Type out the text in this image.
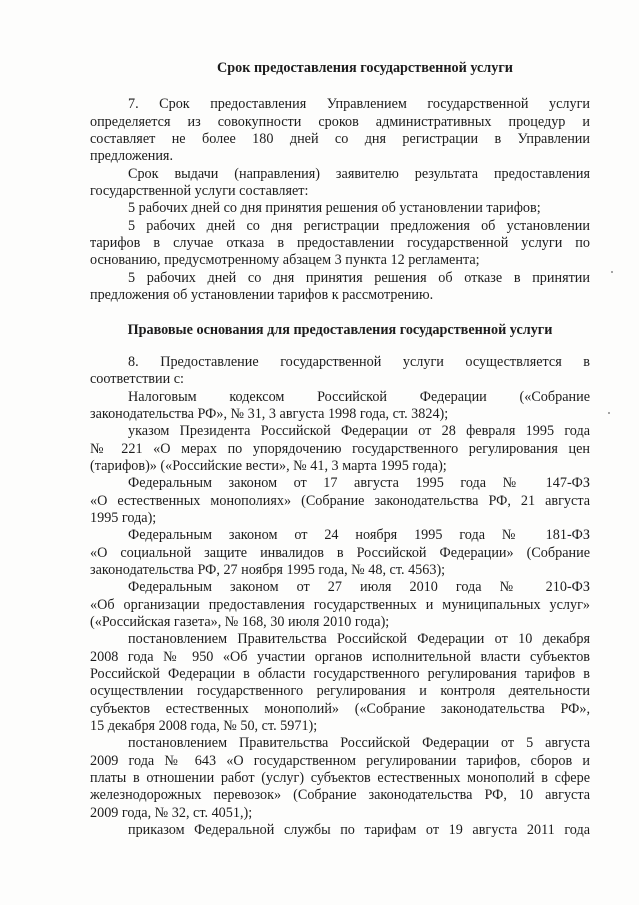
Срок предоставления государственной услуги
7. Срок предоставления Управлением государственной услуги
определяется из совокупности сроков административных процедур и
составляет не более 180 дней со дня регистрации в Управлении
предложения.
Срок выдачи (направления) заявителю результата предоставления
государственной услуги составляет:
5 рабочих дней со дня принятия решения об установлении тарифов;
5 рабочих дней со дня регистрации предложения об установлении
тарифов в случае отказа в предоставлении государственной услуги по
основанию, предусмотренному абзацем 3 пункта 12 регламента;
5 рабочих дней со дня принятия решения об отказе в принятии
предложения об установлении тарифов к рассмотрению.
Правовые основания для предоставления государственной услуги
8. Предоставление государственной услуги осуществляется в
соответствии с:
Налоговым кодексом Российской Федерации («Собрание
законодательства РФ», № 31, 3 августа 1998 года, ст. 3824);
указом Президента Российской Федерации от 28 февраля 1995 года
№ 221 «О мерах по упорядочению государственного регулирования цен
(тарифов)» («Российские вести», № 41, 3 марта 1995 года);
Федеральным законом от 17 августа 1995 года № 147-ФЗ
«О естественных монополиях» (Собрание законодательства РФ, 21 августа
1995 года);
Федеральным законом от 24 ноября 1995 года № 181-ФЗ
«О социальной защите инвалидов в Российской Федерации» (Собрание
законодательства РФ, 27 ноября 1995 года, № 48, ст. 4563);
Федеральным законом от 27 июля 2010 года № 210-ФЗ
«Об организации предоставления государственных и муниципальных услуг»
(«Российская газета», № 168, 30 июля 2010 года);
постановлением Правительства Российской Федерации от 10 декабря
2008 года № 950 «Об участии органов исполнительной власти субъектов
Российской Федерации в области государственного регулирования тарифов в
осуществлении государственного регулирования и контроля деятельности
субъектов естественных монополий» («Собрание законодательства РФ»,
15 декабря 2008 года, № 50, ст. 5971);
постановлением Правительства Российской Федерации от 5 августа
2009 года № 643 «О государственном регулировании тарифов, сборов и
платы в отношении работ (услуг) субъектов естественных монополий в сфере
железнодорожных перевозок» (Собрание законодательства РФ, 10 августа
2009 года, № 32, ст. 4051,);
приказом Федеральной службы по тарифам от 19 августа 2011 года
